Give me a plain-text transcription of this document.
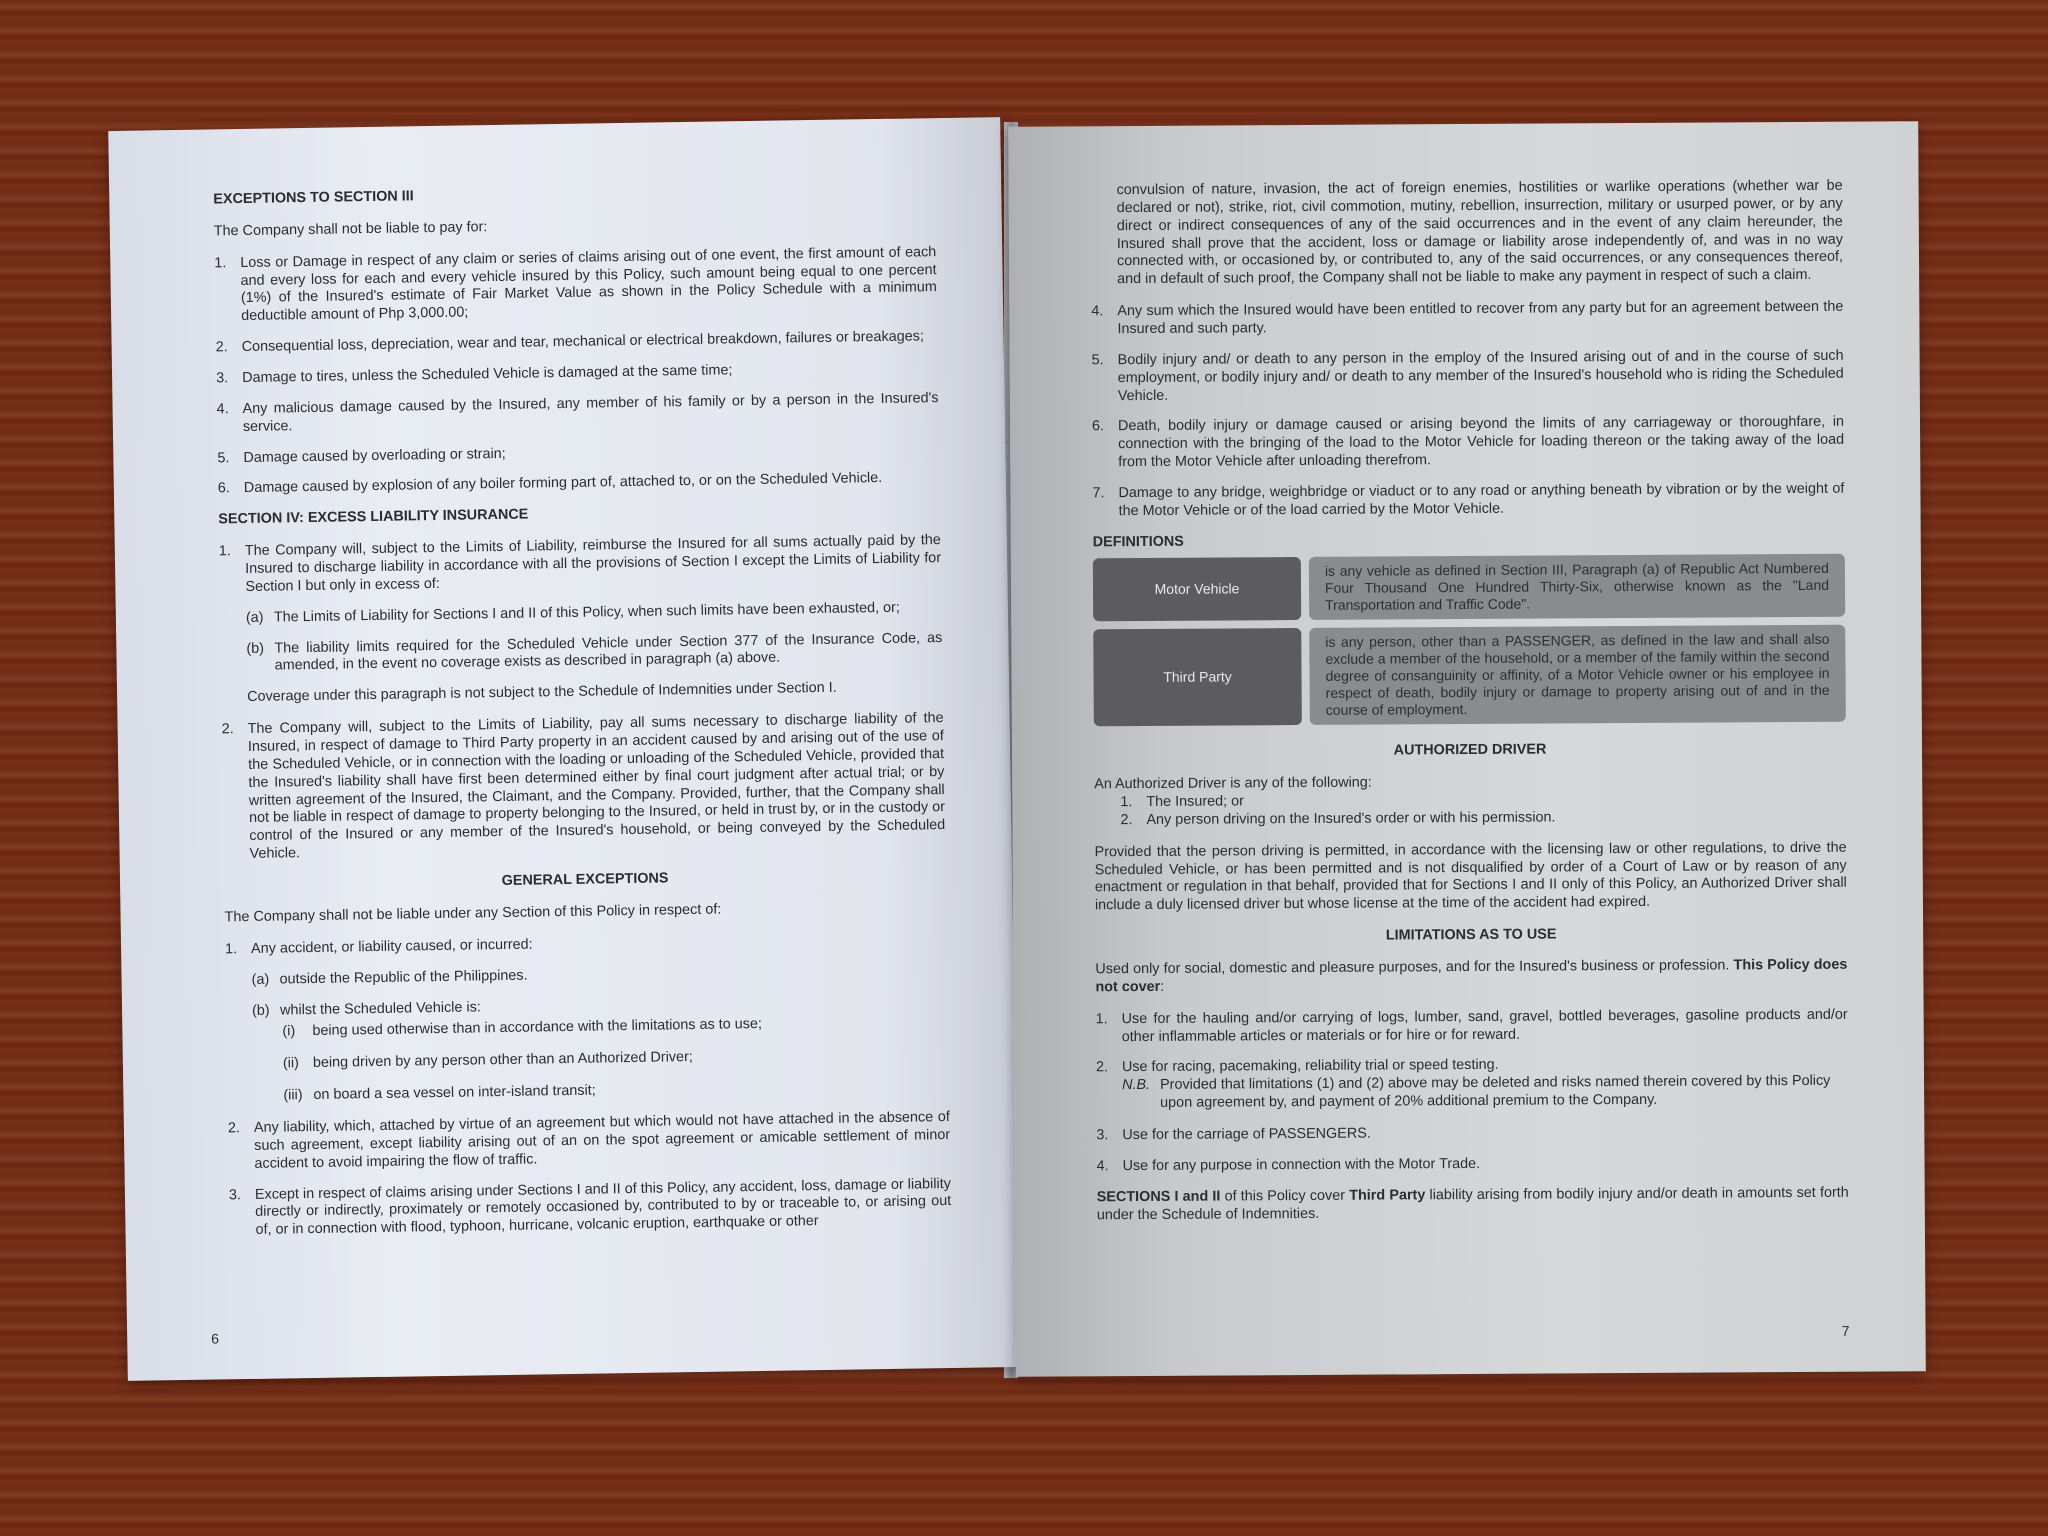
EXCEPTIONS TO SECTION III
The Company shall not be liable to pay for:
1. Loss or Damage in respect of any claim or series of claims arising out of one event, the first amount of each and every loss for each and every vehicle insured by this Policy, such amount being equal to one percent (1%) of the Insured's estimate of Fair Market Value as shown in the Policy Schedule with a minimum deductible amount of Php 3,000.00;
2. Consequential loss, depreciation, wear and tear, mechanical or electrical breakdown, failures or breakages;
3. Damage to tires, unless the Scheduled Vehicle is damaged at the same time;
4. Any malicious damage caused by the Insured, any member of his family or by a person in the Insured's service.
5. Damage caused by overloading or strain;
6. Damage caused by explosion of any boiler forming part of, attached to, or on the Scheduled Vehicle.
SECTION IV: EXCESS LIABILITY INSURANCE
1. The Company will, subject to the Limits of Liability, reimburse the Insured for all sums actually paid by the Insured to discharge liability in accordance with all the provisions of Section I except the Limits of Liability for Section I but only in excess of:
(a) The Limits of Liability for Sections I and II of this Policy, when such limits have been exhausted, or;
(b) The liability limits required for the Scheduled Vehicle under Section 377 of the Insurance Code, as amended, in the event no coverage exists as described in paragraph (a) above.
Coverage under this paragraph is not subject to the Schedule of Indemnities under Section I.
2. The Company will, subject to the Limits of Liability, pay all sums necessary to discharge liability of the Insured, in respect of damage to Third Party property in an accident caused by and arising out of the use of the Scheduled Vehicle, or in connection with the loading or unloading of the Scheduled Vehicle, provided that the Insured's liability shall have first been determined either by final court judgment after actual trial; or by written agreement of the Insured, the Claimant, and the Company. Provided, further, that the Company shall not be liable in respect of damage to property belonging to the Insured, or held in trust by, or in the custody or control of the Insured or any member of the Insured's household, or being conveyed by the Scheduled Vehicle.
GENERAL EXCEPTIONS
The Company shall not be liable under any Section of this Policy in respect of:
1. Any accident, or liability caused, or incurred:
(a) outside the Republic of the Philippines.
(b) whilst the Scheduled Vehicle is:
(i)	being used otherwise than in accordance with the limitations as to use;
(ii) being driven by any person other than an Authorized Driver;
(iii) on board a sea vessel on inter-island transit;
2. Any liability, which, attached by virtue of an agreement but which would not have attached in the absence of such agreement, except liability arising out of an on the spot agreement or amicable settlement of minor accident to avoid impairing the flow of traffic.
3. Except in respect of claims arising under Sections I and II of this Policy, any accident, loss, damage or liability directly or indirectly, proximately or remotely occasioned by, contributed to by or traceable to, or arising out of, or in connection with flood, typhoon, hurricane, volcanic eruption, earthquake or other
6
convulsion of nature, invasion, the act of foreign enemies, hostilities or warlike operations (whether war be declared or not), strike, riot, civil commotion, mutiny, rebellion, insurrection, military or usurped power, or by any direct or indirect consequences of any of the said occurrences and in the event of any claim hereunder, the Insured shall prove that the accident, loss or damage or liability arose independently of, and was in no way connected with, or occasioned by, or contributed to, any of the said occurrences, or any consequences thereof, and in default of such proof, the Company shall not be liable to make any payment in respect of such a claim.
4. Any sum which the Insured would have been entitled to recover from any party but for an agreement between the Insured and such party.
5. Bodily injury and/ or death to any person in the employ of the Insured arising out of and in the course of such employment, or bodily injury and/ or death to any member of the Insured's household who is riding the Scheduled Vehicle.
6. Death, bodily injury or damage caused or arising beyond the limits of any carriageway or thoroughfare, in connection with the bringing of the load to the Motor Vehicle for loading thereon or the taking away of the load from the Motor Vehicle after unloading therefrom.
7. Damage to any bridge, weighbridge or viaduct or to any road or anything beneath by vibration or by the weight of the Motor Vehicle or of the load carried by the Motor Vehicle.
DEFINITIONS
Motor Vehicle
is any vehicle as defined in Section III, Paragraph (a) of Republic Act Numbered Four Thousand One Hundred Thirty-Six, otherwise known as the "Land Transportation and Traffic Code".
Third Party
is any person, other than a PASSENGER, as defined in the law and shall also exclude a member of the household, or a member of the family within the second degree of consanguinity or affinity, of a Motor Vehicle owner or his employee in respect of death, bodily injury or damage to property arising out of and in the course of employment.
AUTHORIZED DRIVER
An Authorized Driver is any of the following:
1. The Insured; or
2. Any person driving on the Insured's order or with his permission.
Provided that the person driving is permitted, in accordance with the licensing law or other regulations, to drive the Scheduled Vehicle, or has been permitted and is not disqualified by order of a Court of Law or by reason of any enactment or regulation in that behalf, provided that for Sections I and II only of this Policy, an Authorized Driver shall include a duly licensed driver but whose license at the time of the accident had expired.
LIMITATIONS AS TO USE
Used only for social, domestic and pleasure purposes, and for the Insured's business or profession. This Policy does not cover:
1. Use for the hauling and/or carrying of logs, lumber, sand, gravel, bottled beverages, gasoline products and/or other inflammable articles or materials or for hire or for reward.
2. Use for racing, pacemaking, reliability trial or speed testing.
N.B. Provided that limitations (1) and (2) above may be deleted and risks named therein covered by this Policy upon agreement by, and payment of 20% additional premium to the Company.
3. Use for the carriage of PASSENGERS.
4. Use for any purpose in connection with the Motor Trade.
SECTIONS I and II of this Policy cover Third Party liability arising from bodily injury and/or death in amounts set forth under the Schedule of Indemnities.
7
